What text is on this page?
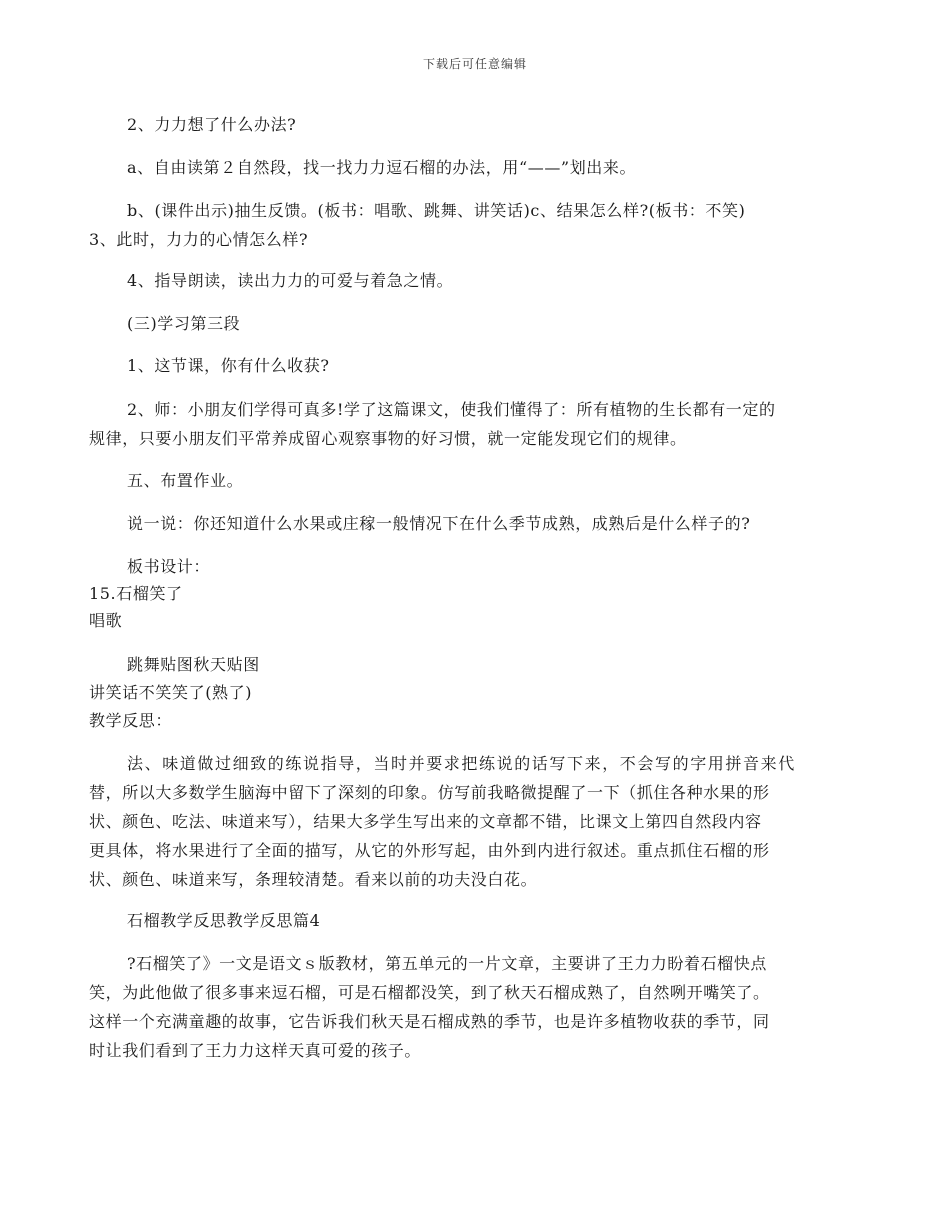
下载后可任意编辑
2、力力想了什么办法?
a、自由读第２自然段，找一找力力逗石榴的办法，用“——”划出来。
b、(课件出示)抽生反馈。(板书：唱歌、跳舞、讲笑话)c、结果怎么样?(板书：不笑)
3、此时，力力的心情怎么样?
4、指导朗读，读出力力的可爱与着急之情。
(三)学习第三段
1、这节课，你有什么收获?
2、师：小朋友们学得可真多!学了这篇课文，使我们懂得了：所有植物的生长都有一定的
规律，只要小朋友们平常养成留心观察事物的好习惯，就一定能发现它们的规律。
五、布置作业。
说一说：你还知道什么水果或庄稼一般情况下在什么季节成熟，成熟后是什么样子的?
板书设计：
15.石榴笑了
唱歌
跳舞贴图秋天贴图
讲笑话不笑笑了(熟了)
教学反思：
法、味道做过细致的练说指导，当时并要求把练说的话写下来，不会写的字用拼音来代
替，所以大多数学生脑海中留下了深刻的印象。仿写前我略微提醒了一下（抓住各种水果的形
状、颜色、吃法、味道来写），结果大多学生写出来的文章都不错，比课文上第四自然段内容
更具体，将水果进行了全面的描写，从它的外形写起，由外到内进行叙述。重点抓住石榴的形
状、颜色、味道来写，条理较清楚。看来以前的功夫没白花。
石榴教学反思教学反思篇4
?石榴笑了》一文是语文ｓ版教材，第五单元的一片文章，主要讲了王力力盼着石榴快点
笑，为此他做了很多事来逗石榴，可是石榴都没笑，到了秋天石榴成熟了，自然咧开嘴笑了。
这样一个充满童趣的故事，它告诉我们秋天是石榴成熟的季节，也是许多植物收获的季节，同
时让我们看到了王力力这样天真可爱的孩子。
